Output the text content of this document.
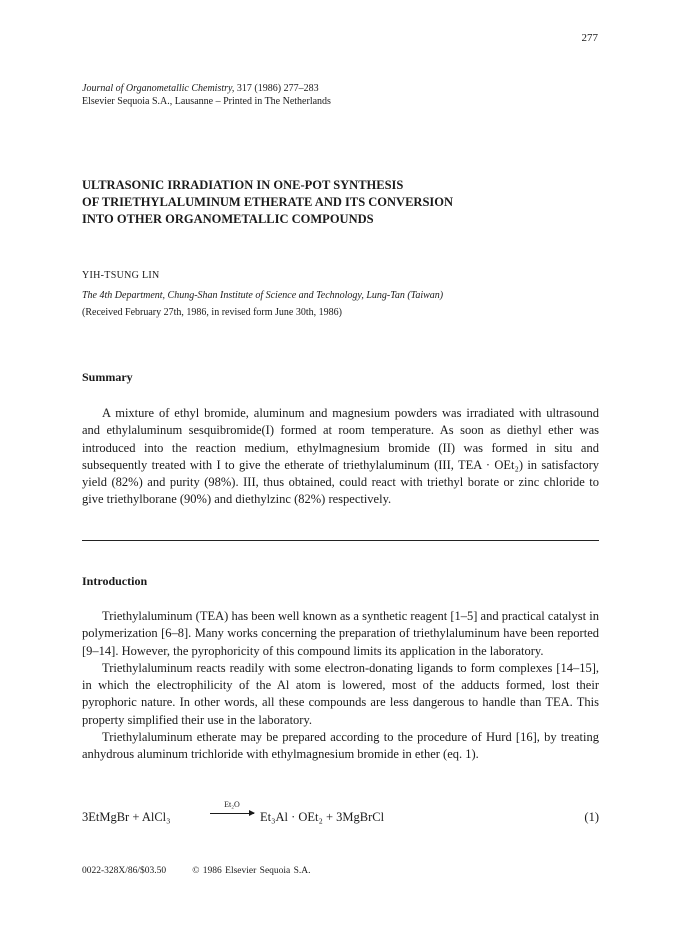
277
Journal of Organometallic Chemistry, 317 (1986) 277–283
Elsevier Sequoia S.A., Lausanne – Printed in The Netherlands
ULTRASONIC IRRADIATION IN ONE-POT SYNTHESIS
OF TRIETHYLALUMINUM ETHERATE AND ITS CONVERSION
INTO OTHER ORGANOMETALLIC COMPOUNDS
YIH-TSUNG LIN
The 4th Department, Chung-Shan Institute of Science and Technology, Lung-Tan (Taiwan)
(Received February 27th, 1986, in revised form June 30th, 1986)
Summary
A mixture of ethyl bromide, aluminum and magnesium powders was irradiated with ultrasound and ethylaluminum sesquibromide(I) formed at room temperature. As soon as diethyl ether was introduced into the reaction medium, ethylmagnesium bromide (II) was formed in situ and subsequently treated with I to give the etherate of triethylaluminum (III, TEA · OEt₂) in satisfactory yield (82%) and purity (98%). III, thus obtained, could react with triethyl borate or zinc chloride to give triethylborane (90%) and diethylzinc (82%) respectively.
Introduction

Triethylaluminum (TEA) has been well known as a synthetic reagent [1–5] and practical catalyst in polymerization [6–8]. Many works concerning the preparation of triethylaluminum have been reported [9–14]. However, the pyrophoricity of this compound limits its application in the laboratory.

Triethylaluminum reacts readily with some electron-donating ligands to form complexes [14–15], in which the electrophilicity of the Al atom is lowered, most of the adducts formed, lost their pyrophoric nature. In other words, all these compounds are less dangerous to handle than TEA. This property simplified their use in the laboratory.

Triethylaluminum etherate may be prepared according to the procedure of Hurd [16], by treating anhydrous aluminum trichloride with ethylmagnesium bromide in ether (eq. 1).

3EtMgBr + AlCl₃
Et₂O
Et₃Al · OEt₂ + 3MgBrCl	(1)
0022-328X/86/$03.50	© 1986 Elsevier Sequoia S.A.
